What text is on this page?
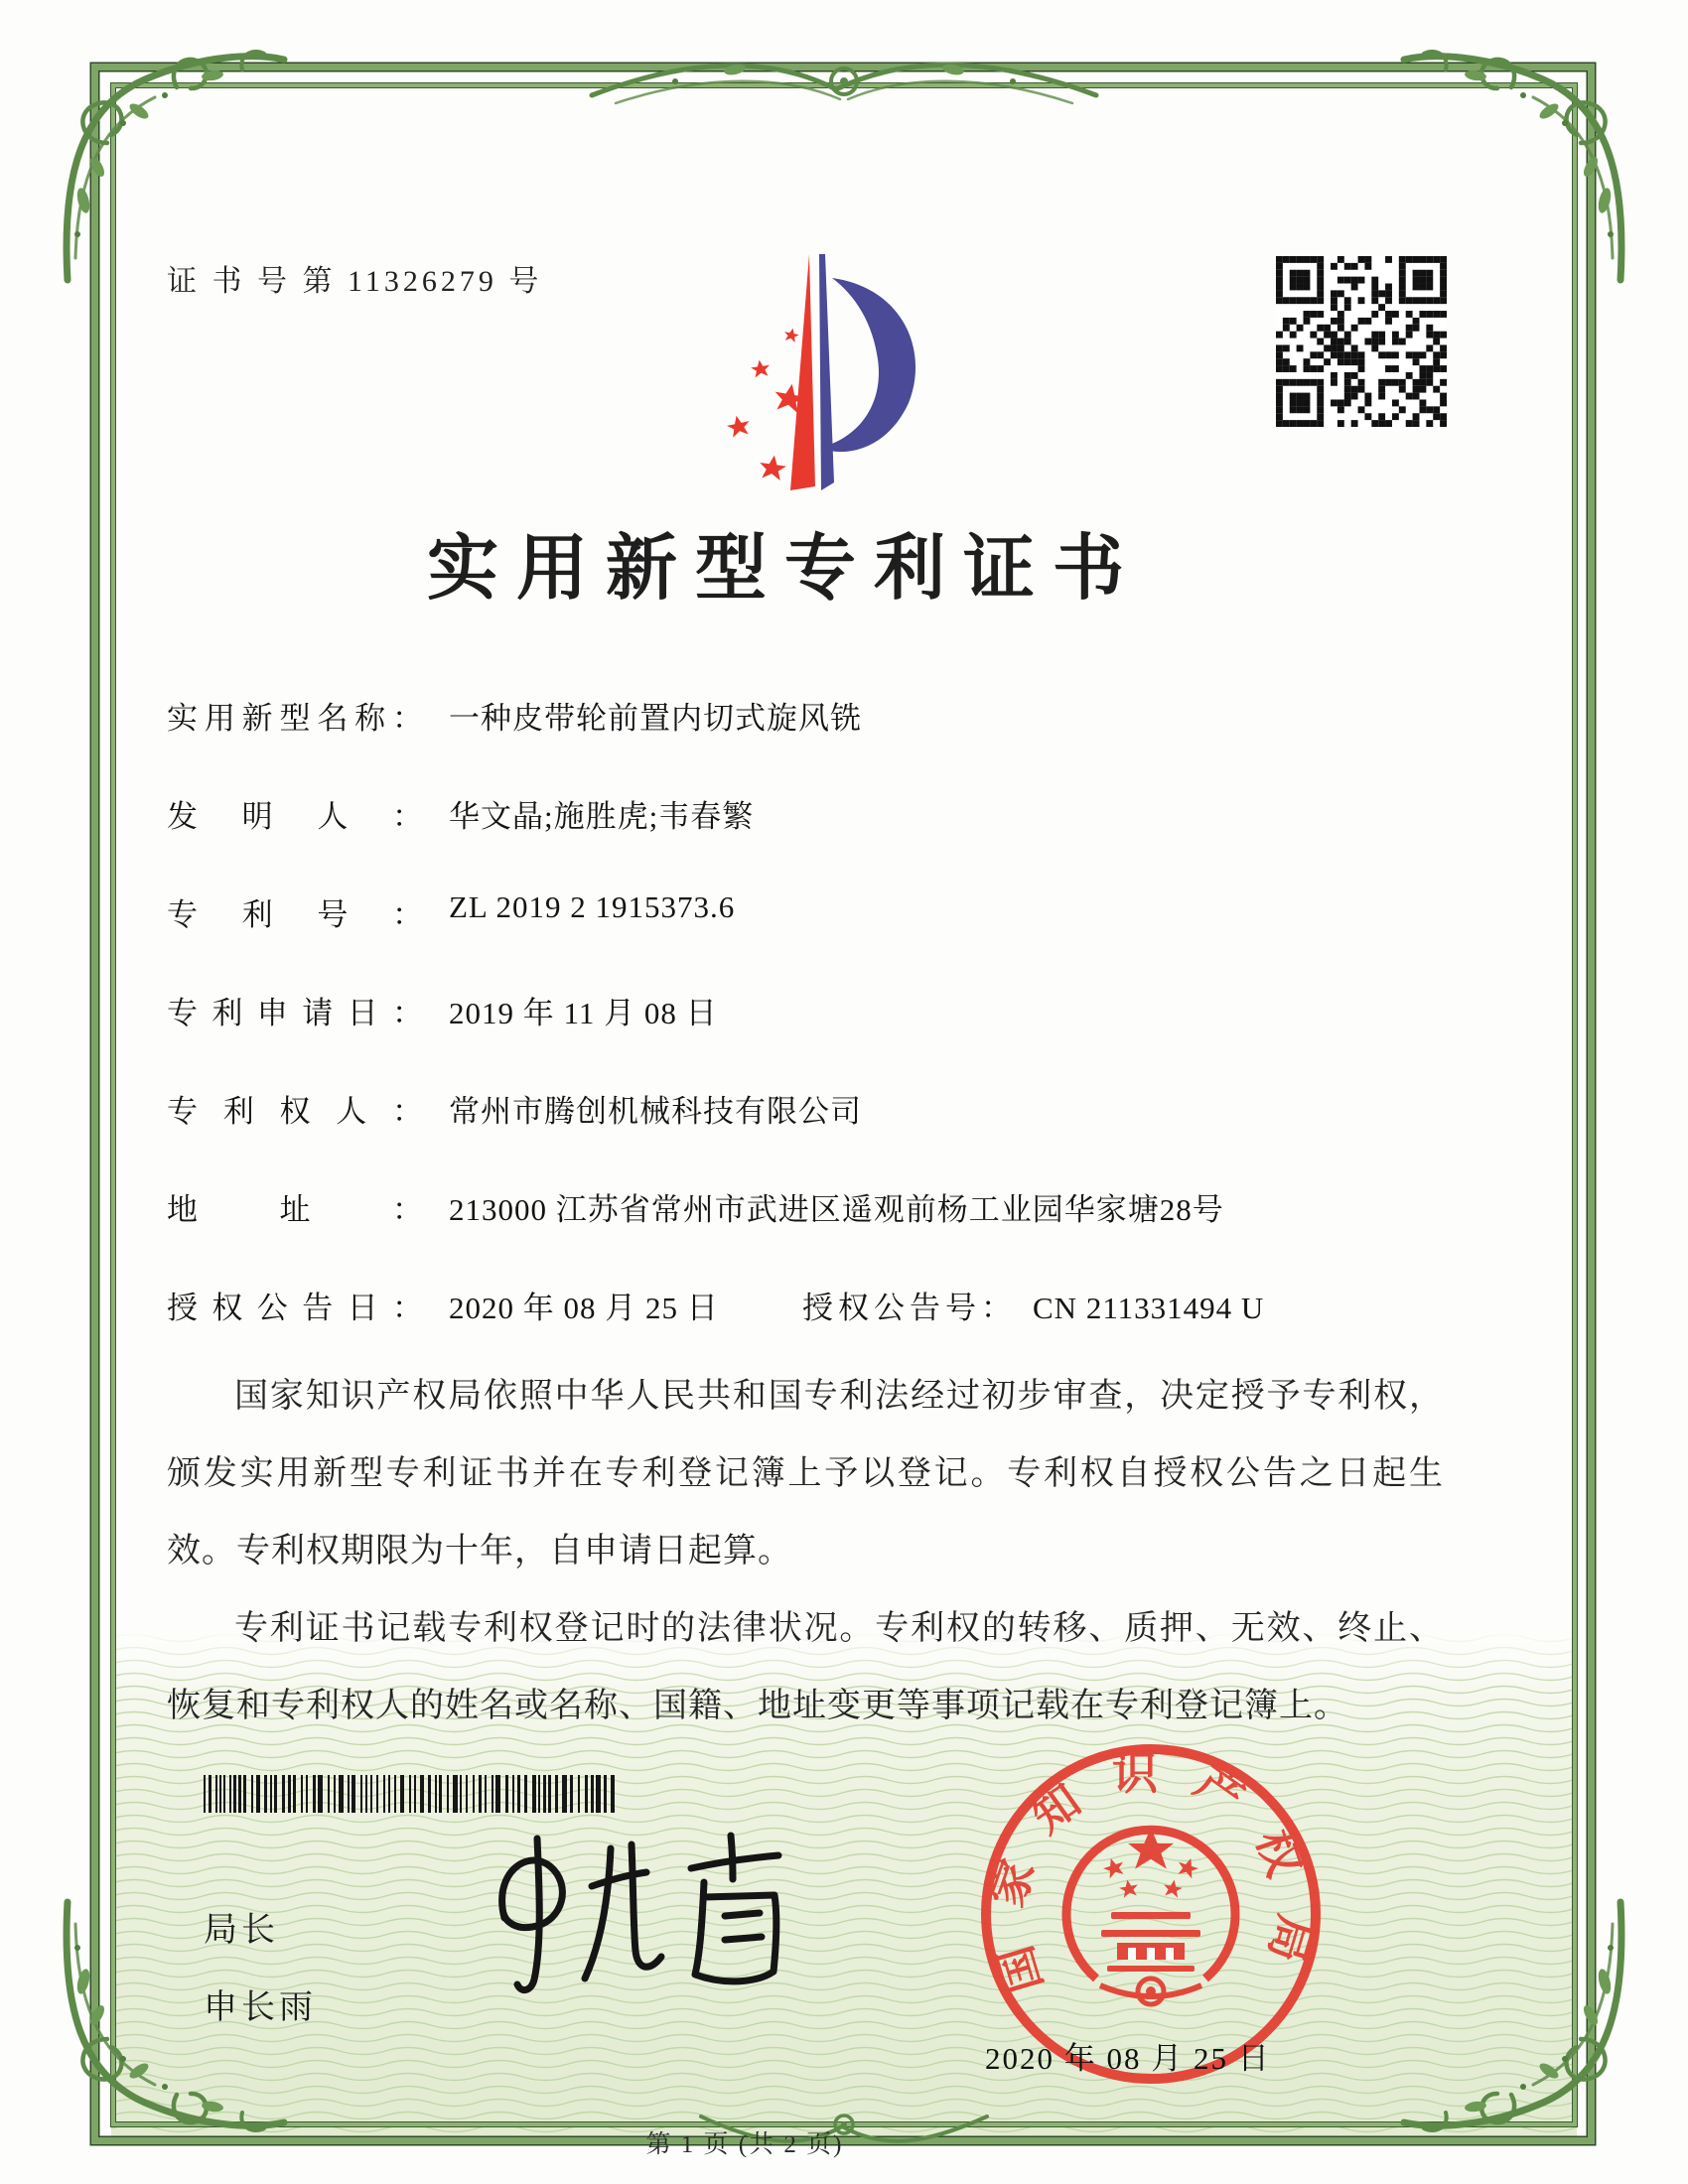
证 书 号 第 11326279 号
实用新型专利证书
实用新型名称： 一种皮带轮前置内切式旋风铣
发明人： 华文晶;施胜虎;韦春繁
专利号： ZL 2019 2 1915373.6
专利申请日： 2019 年 11 月 08 日
专利权人： 常州市腾创机械科技有限公司
地址： 213000 江苏省常州市武进区遥观前杨工业园华家塘28号
授权公告日： 2020 年 08 月 25 日	授权公告号： CN 211331494 U

国家知识产权局依照中华人民共和国专利法经过初步审查，决定授予专利权，颁发实用新型专利证书并在专利登记簿上予以登记。专利权自授权公告之日起生效。专利权期限为十年，自申请日起算。

专利证书记载专利权登记时的法律状况。专利权的转移、质押、无效、终止、恢复和专利权人的姓名或名称、国籍、地址变更等事项记载在专利登记簿上。

局长
申长雨
国家知识产权局
2020 年 08 月 25 日
第 1 页 (共 2 页)
